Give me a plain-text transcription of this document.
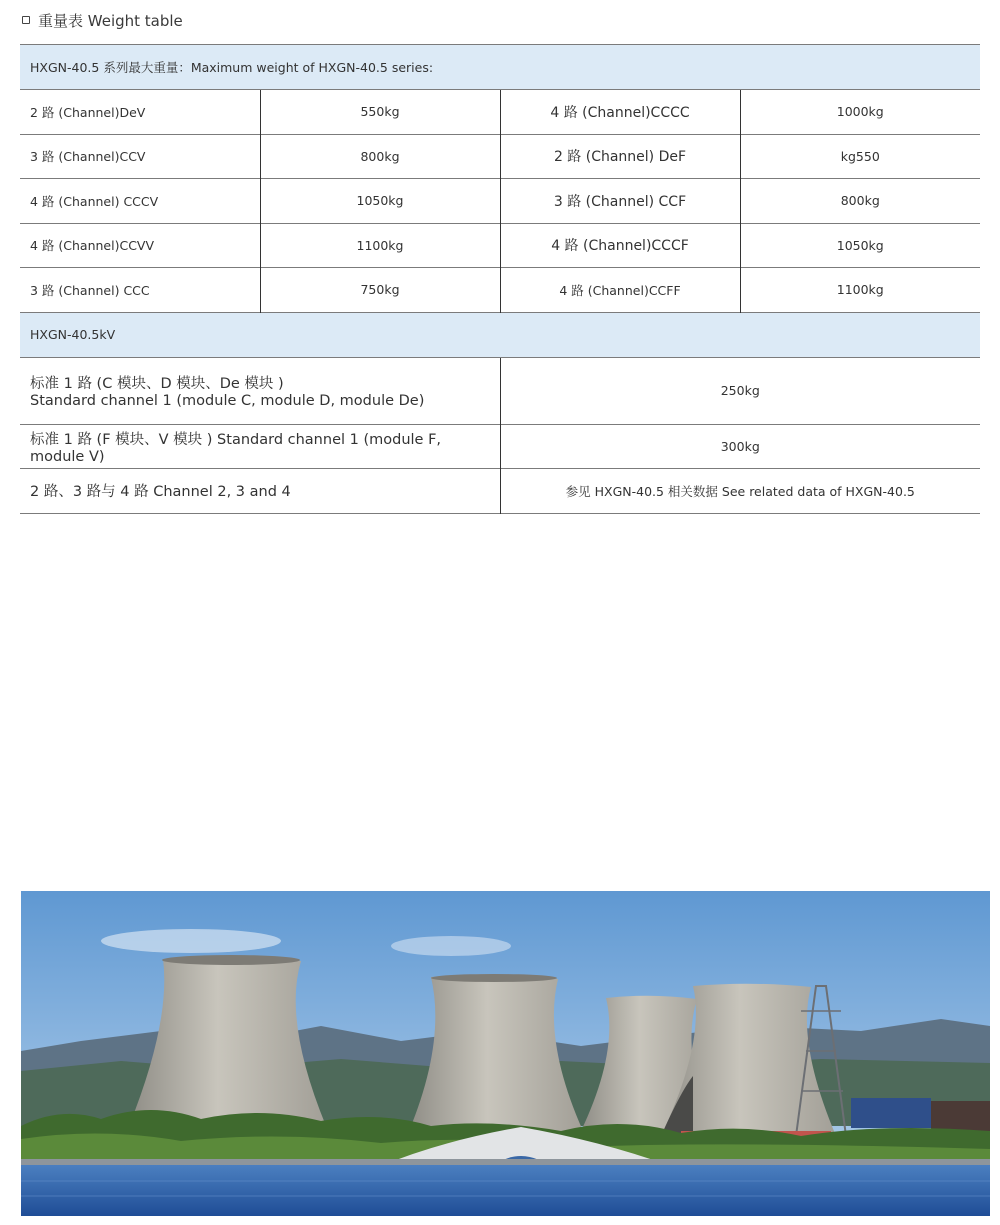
重量表 Weight table
HXGN-40.5 系列最大重量：Maximum weight of HXGN-40.5 series:			
2 路 (Channel)DeV	550kg	4 路 (Channel)CCCC	1000kg
3 路 (Channel)CCV	800kg	2 路 (Channel) DeF	kg550
4 路 (Channel) CCCV	1050kg	3 路 (Channel) CCF	800kg
4 路 (Channel)CCVV	1100kg	4 路 (Channel)CCCF	1050kg
3 路 (Channel) CCC	750kg	4 路 (Channel)CCFF	1100kg
HXGN-40.5kV			

标准 1 路 (C 模块、D 模块、De 模块 )
Standard channel 1 (module C, module D, module De)		250kg	
标准 1 路 (F 模块、V 模块 ) Standard channel 1 (module F, module V)		300kg	
2 路、3 路与 4 路 Channel 2, 3 and 4		参见 HXGN-40.5 相关数据 See related data of HXGN-40.5	
